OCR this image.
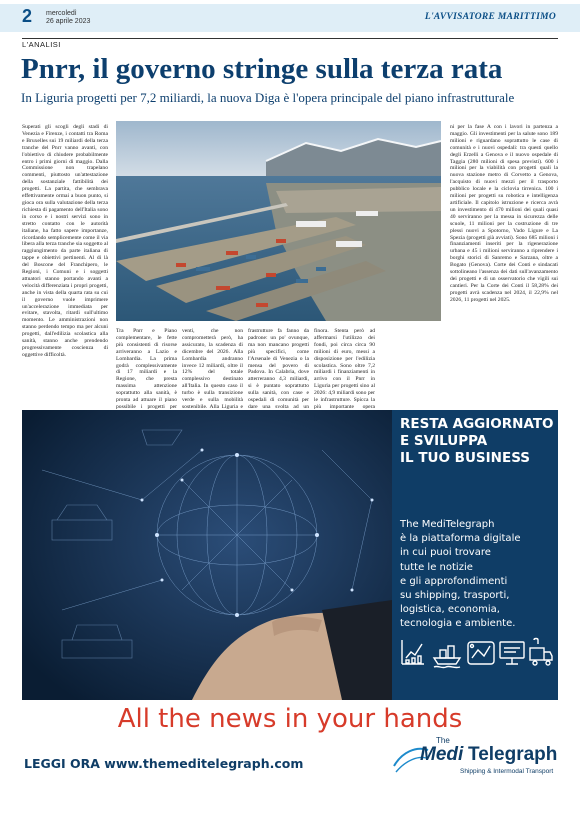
2 mercoledì
26 aprile 2023	L'AVVISATORE MARITTIMO
L'ANALISI
Pnrr, il governo stringe sulla terza rata
In Liguria progetti per 7,2 miliardi, la nuova Diga è l'opera principale del piano infrastrutturale
Superati gli scogli degli stadi di Venezia e Firenze, i contatti tra Roma e Bruxelles sui 19 miliardi della terza tranche del Pnrr vanno avanti, con l'obiettivo di chiudere probabilmente entro i primi giorni di maggio. Dalla Commissione non trapelano commenti, piuttosto un'attestazione della sostanziale fattibilità dei progetti. La partita, che sembrava effettivamente ormai a buon punto, si gioca ora sulla valutazione della terza richiesta di pagamento dell'Italia sono in corso e i nostri servizi sono in stretto contatto con le autorità italiane, ha fatto sapere importanze, ricordando semplicemente come il via libera alla terza tranche sia soggetto al raggiungimento da parte italiana di tappe e obiettivi pertinenti. Al di là del Boscone del Franchipero, le Regioni, i Comuni e i soggetti attuatori stanno portando avanti a velocità differenziata i propri progetti, anche in vista della quarta rata su cui il governo vuole imprimere un'accelerazione immediata per evitare, stavolta, ritardi sull'ultimo momento. Le amministrazioni non stanno perdendo tempo ma per alcuni progetti, dall'edilizia scolastica alla sanità, stanno anche prendendo progressivamente coscienza di oggettive difficoltà.
Tra Pnrr e Piano complementare, le fette più consistenti di risorse arriveranno a Lazio e Lombardia. La prima godrà complessivamente di 17 miliardi e la Regione, che presta massima attenzione soprattutto alla sanità, è pronta ad attuare il piano possibile i progetti per
venti, che non comprometterà però, ha assicurato, la scadenza di dicembre del 2026. Alla Lombardia andranno invece 12 miliardi, oltre il 12% del totale complessivo destinato all'Italia. In questo caso il turbo è sulla transizione verde e sulla mobilità sostenibile. Alla Liguria e
frastrutture fa fanno da padrone: un po' ovunque, ma non mancano progetti più specifici, come l'Arsenale di Venezia o la mensa del povero di Padova. In Calabria, dove atterreranno 4,3 miliardi, si è puntato soprattutto sulla sanità, con case e ospedali di comunità per dare una svolta ad un
finora. Stenta però ad affermarsi l'utilizzo dei fondi, poi circa circa 90 milioni di euro, messi a disposizione per l'edilizia scolastica. Sono oltre 7,2 miliardi i finanziamenti in arrivo con il Pnrr in Liguria per progetti sino al 2026: 4,9 miliardi sono per le infrastrutture. Spicca la più importante opera
ni per la fase A con i lavori in partenza a maggio. Gli investimenti per la salute sono 189 milioni e riguardano soprattutto le case di comunità e i nuovi ospedali: tra questi quello degli Erzelli a Genova e il nuovo ospedale di Taggia (280 milioni di spesa previsti). 600 i milioni per la viabilità con progetti quali la nuova stazione metro di Corvetto a Genova, l'acquisto di nuovi mezzi per il trasporto pubblico locale e la ciclovia tirrenica. 100 i milioni per progetti su robotica e intelligenza artificiale. Il capitolo istruzione e ricerca avrà un investimento di 470 milioni dei quali quasi 40 serviranno per la messa in sicurezza delle scuole, 11 milioni per la costruzione di tre plessi nuovi a Spotorno, Vado Ligure e La Spezia (progetti già avviati). Sono 685 milioni i finanziamenti inseriti per la rigenerazione urbana e 45 i milioni serviranno a riprendere i borghi storici di Sanremo e Sarzana, oltre a Bogato (Genova). Corte dei Conti e sindacati sottolineano l'assenza dei dati sull'avanzamento dei progetti e di un osservatorio che vigili sui cantieri. Per la Corte dei Conti il 58,28% dei progetti avrà scadenza nel 2024, il 22,9% nel 2026, 11 progetti nel 2025.
RESTA AGGIORNATO
E SVILUPPA
IL TUO BUSINESS
The MediTelegraph
è la piattaforma digitale
in cui puoi trovare
tutte le notizie
e gli approfondimenti
su shipping, trasporti,
logistica, economia,
tecnologia e ambiente.
All the news in your hands
LEGGI ORA www.themeditelegraph.com
The
Medi Telegraph
Shipping & Intermodal Transport
